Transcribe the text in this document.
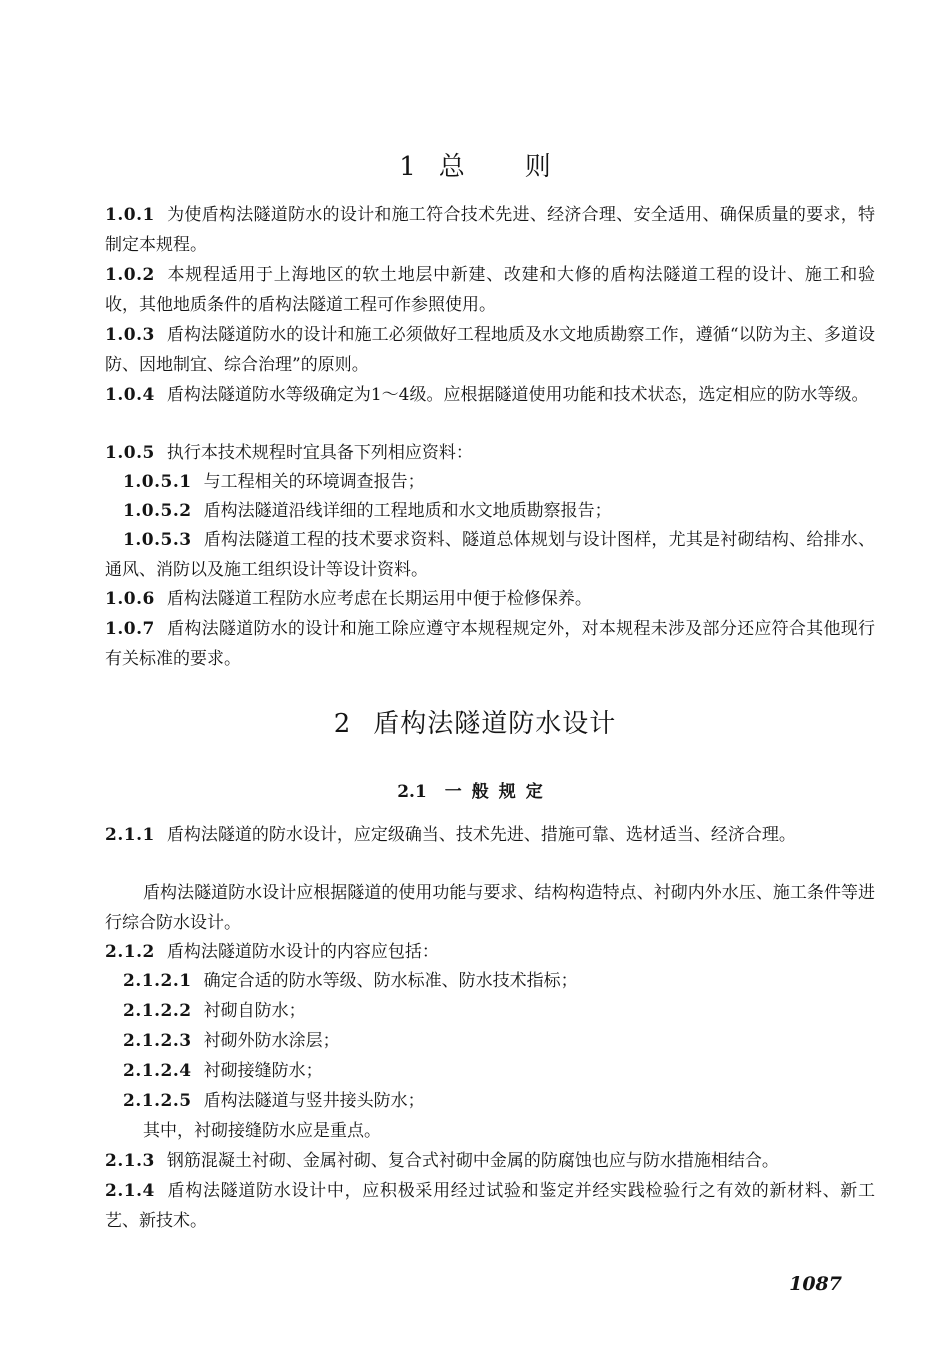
1 总则
1.0.1 为使盾构法隧道防水的设计和施工符合技术先进、经济合理、安全适用、确保质量的要求，特制定本规程。
1.0.2 本规程适用于上海地区的软土地层中新建、改建和大修的盾构法隧道工程的设计、施工和验收，其他地质条件的盾构法隧道工程可作参照使用。
1.0.3 盾构法隧道防水的设计和施工必须做好工程地质及水文地质勘察工作，遵循“以防为主、多道设防、因地制宜、综合治理”的原则。
1.0.4 盾构法隧道防水等级确定为1～4级。应根据隧道使用功能和技术状态，选定相应的防水等级。
1.0.5 执行本技术规程时宜具备下列相应资料：
1.0.5.1 与工程相关的环境调查报告；
1.0.5.2 盾构法隧道沿线详细的工程地质和水文地质勘察报告；
1.0.5.3 盾构法隧道工程的技术要求资料、隧道总体规划与设计图样，尤其是衬砌结构、给排水、通风、消防以及施工组织设计等设计资料。
1.0.6 盾构法隧道工程防水应考虑在长期运用中便于检修保养。
1.0.7 盾构法隧道防水的设计和施工除应遵守本规程规定外，对本规程未涉及部分还应符合其他现行有关标准的要求。
2 盾构法隧道防水设计
2.1 一般规定
2.1.1 盾构法隧道的防水设计，应定级确当、技术先进、措施可靠、选材适当、经济合理。
盾构法隧道防水设计应根据隧道的使用功能与要求、结构构造特点、衬砌内外水压、施工条件等进行综合防水设计。
2.1.2 盾构法隧道防水设计的内容应包括：
2.1.2.1 确定合适的防水等级、防水标准、防水技术指标；
2.1.2.2 衬砌自防水；
2.1.2.3 衬砌外防水涂层；
2.1.2.4 衬砌接缝防水；
2.1.2.5 盾构法隧道与竖井接头防水；
其中，衬砌接缝防水应是重点。
2.1.3 钢筋混凝土衬砌、金属衬砌、复合式衬砌中金属的防腐蚀也应与防水措施相结合。
2.1.4 盾构法隧道防水设计中，应积极采用经过试验和鉴定并经实践检验行之有效的新材料、新工艺、新技术。
1087
